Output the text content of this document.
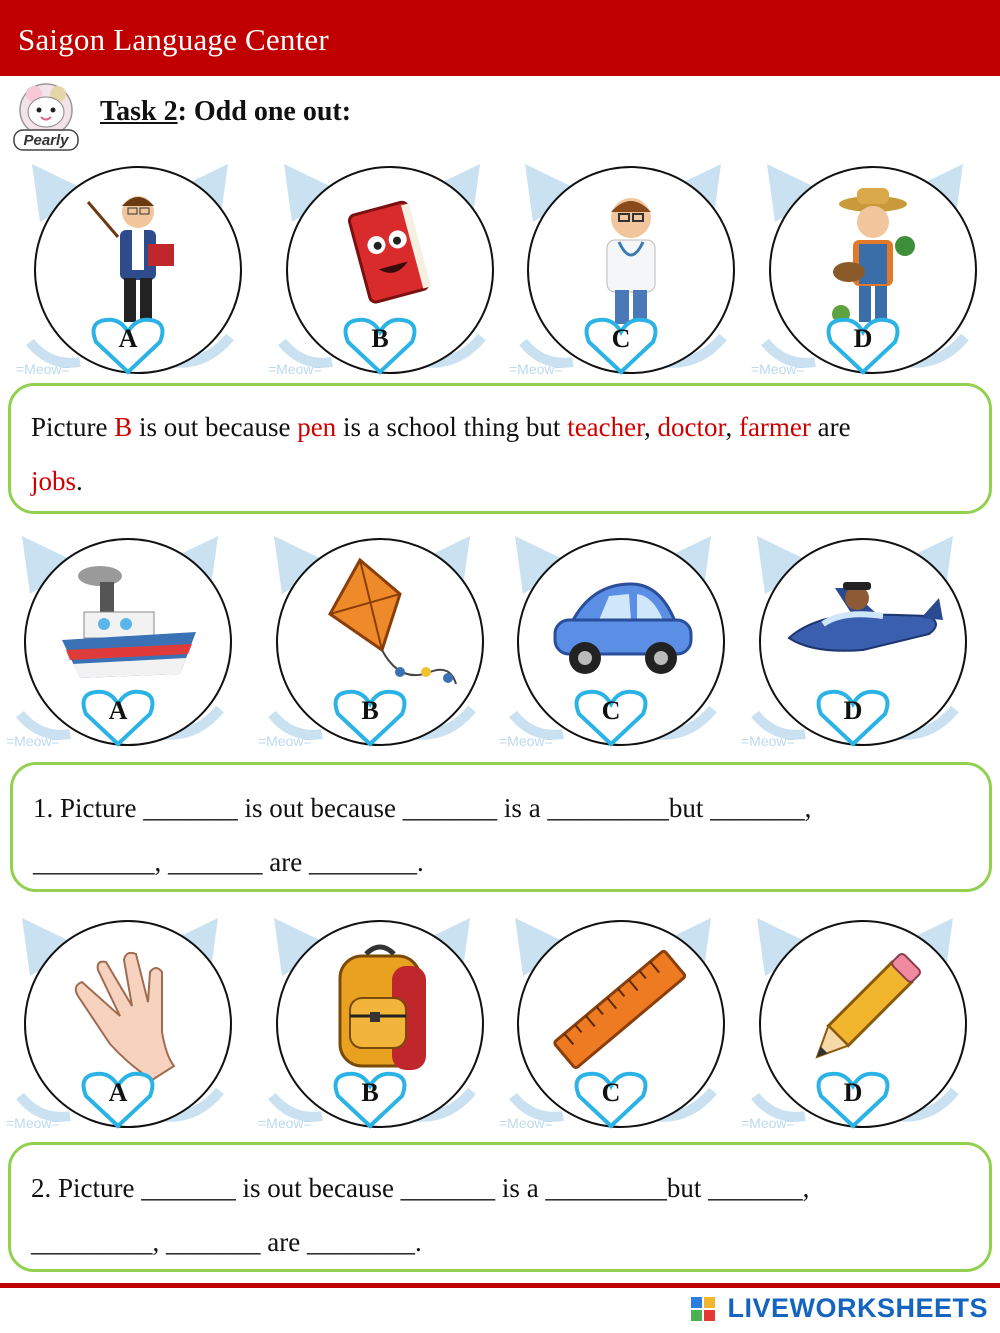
Saigon Language Center
Pearly
Task 2: Odd one out:
=Meow=
A
=Meow=
B
=Meow=
C
=Meow=
D
Picture B is out because pen is a school thing but teacher, doctor, farmer are
jobs.
=Meow=
A
=Meow=
B
=Meow=
C
=Meow=
D
1. Picture _______ is out because _______ is a _________but _______,
_________, _______ are ________.
=Meow=
A
=Meow=
B
=Meow=
C
=Meow=
D
2. Picture _______ is out because _______ is a _________but _______,
_________, _______ are ________.
LIVEWORKSHEETS
